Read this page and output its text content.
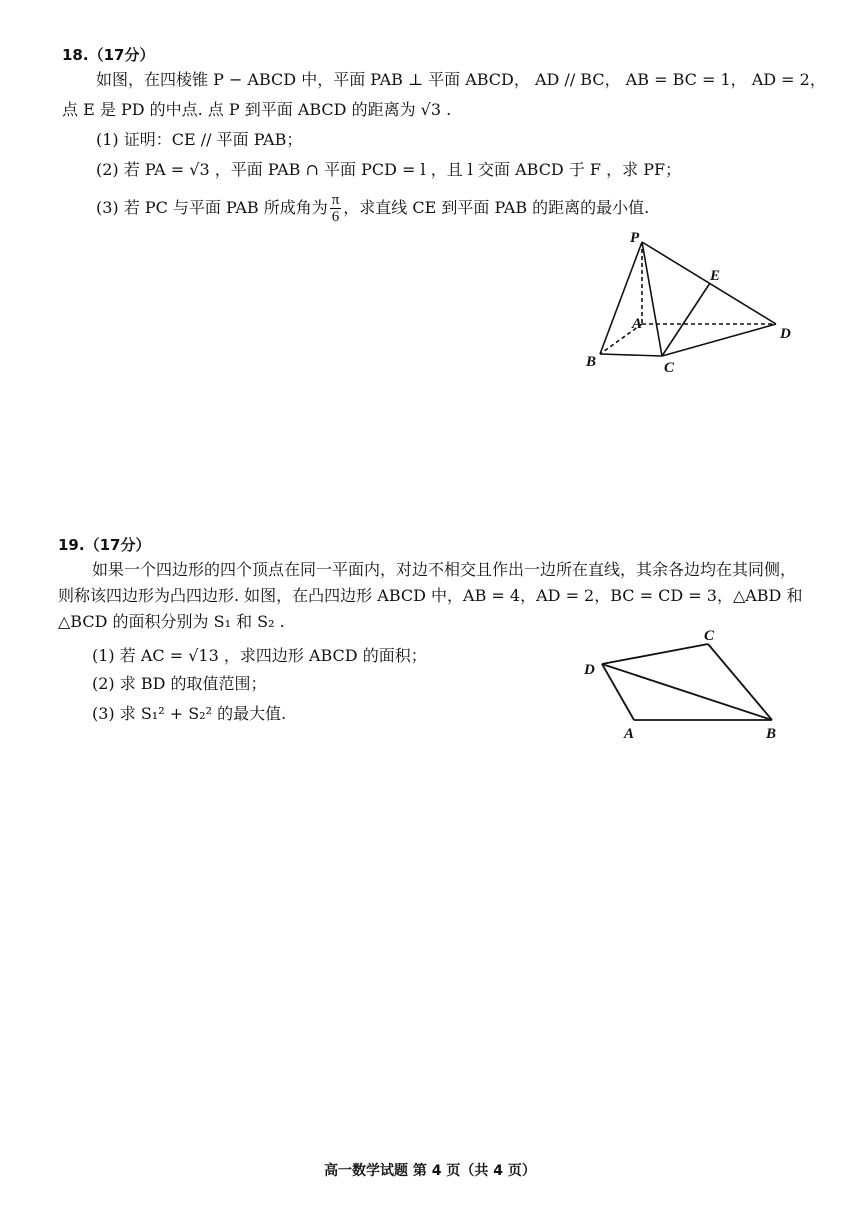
18.（17分）
如图，在四棱锥 P − ABCD 中，平面 PAB ⊥ 平面 ABCD， AD // BC， AB = BC = 1， AD = 2，
点 E 是 PD 的中点. 点 P 到平面 ABCD 的距离为 √3 .
(1) 证明：CE // 平面 PAB；
(2) 若 PA = √3 ，平面 PAB ∩ 平面 PCD = l ，且 l 交面 ABCD 于 F ，求 PF；
(3) 若 PC 与平面 PAB 所成角为 $\frac{\pi}{6}$ ，求直线 CE 到平面 PAB 的距离的最小值.
P
E
A
B	C
D
19.（17分）
如果一个四边形的四个顶点在同一平面内，对边不相交且作出一边所在直线，其余各边均在其同侧，
则称该四边形为凸四边形. 如图，在凸四边形 ABCD 中，AB = 4，AD = 2，BC = CD = 3，△ABD 和
△BCD 的面积分别为 S₁ 和 S₂ .
(1) 若 AC = √13 ，求四边形 ABCD 的面积；
(2) 求 BD 的取值范围；
(3) 求 S₁² + S₂² 的最大值.
C
D
A	B
高一数学试题 第 4 页（共 4 页）
